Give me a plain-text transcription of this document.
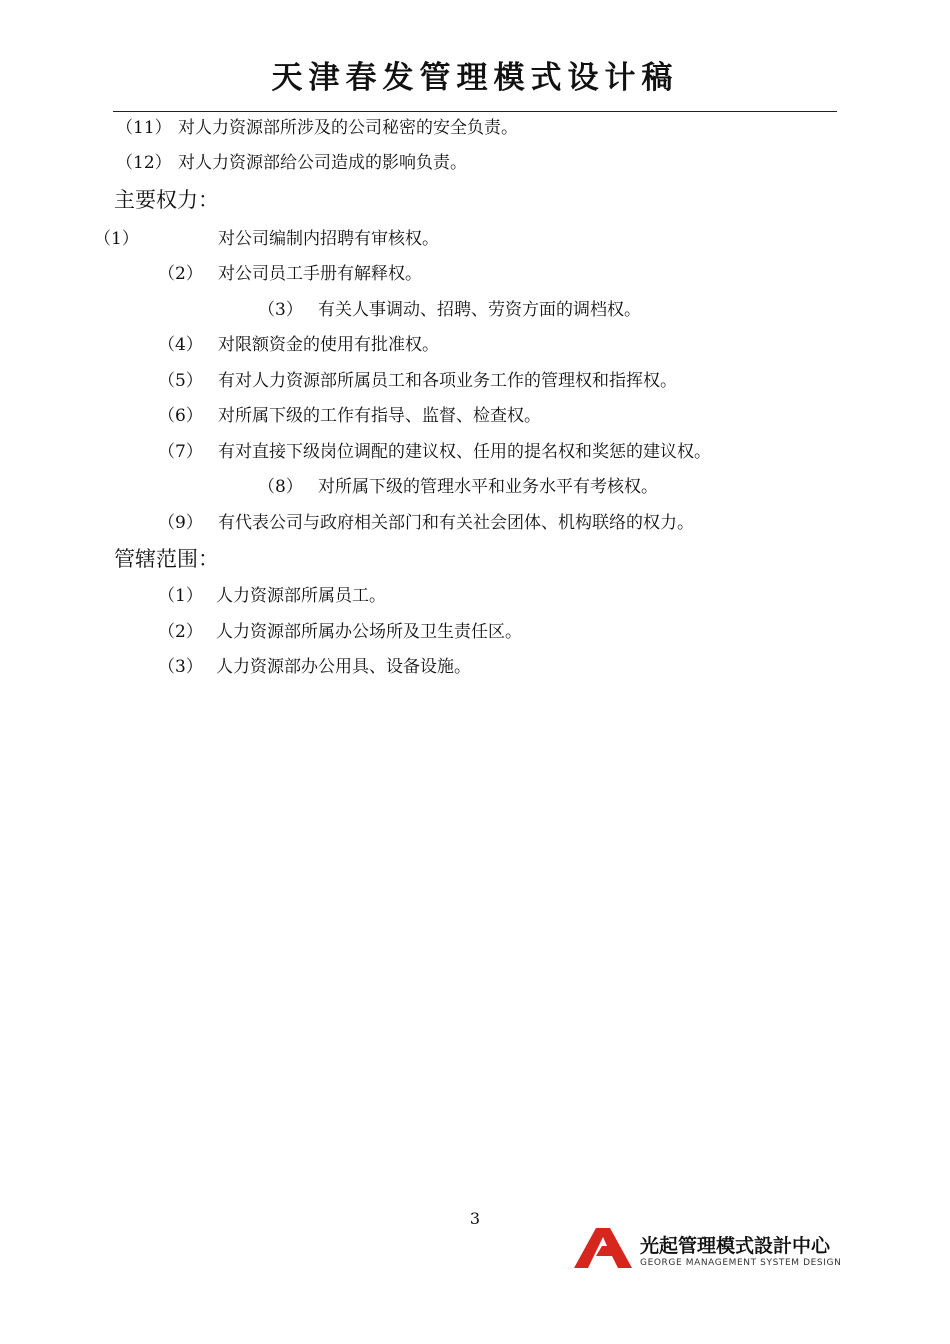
天津春发管理模式设计稿
（11） 对人力资源部所涉及的公司秘密的安全负责。
（12） 对人力资源部给公司造成的影响负责。
主要权力：
（1）	对公司编制内招聘有审核权。
（2） 对公司员工手册有解释权。
（3） 有关人事调动、招聘、劳资方面的调档权。
（4） 对限额资金的使用有批准权。
（5） 有对人力资源部所属员工和各项业务工作的管理权和指挥权。
（6） 对所属下级的工作有指导、监督、检查权。
（7） 有对直接下级岗位调配的建议权、任用的提名权和奖惩的建议权。
（8） 对所属下级的管理水平和业务水平有考核权。
（9） 有代表公司与政府相关部门和有关社会团体、机构联络的权力。
管辖范围：
（1） 人力资源部所属员工。
（2） 人力资源部所属办公场所及卫生责任区。
（3） 人力资源部办公用具、设备设施。
3
光起管理模式設計中心
GEORGE MANAGEMENT SYSTEM DESIGN
